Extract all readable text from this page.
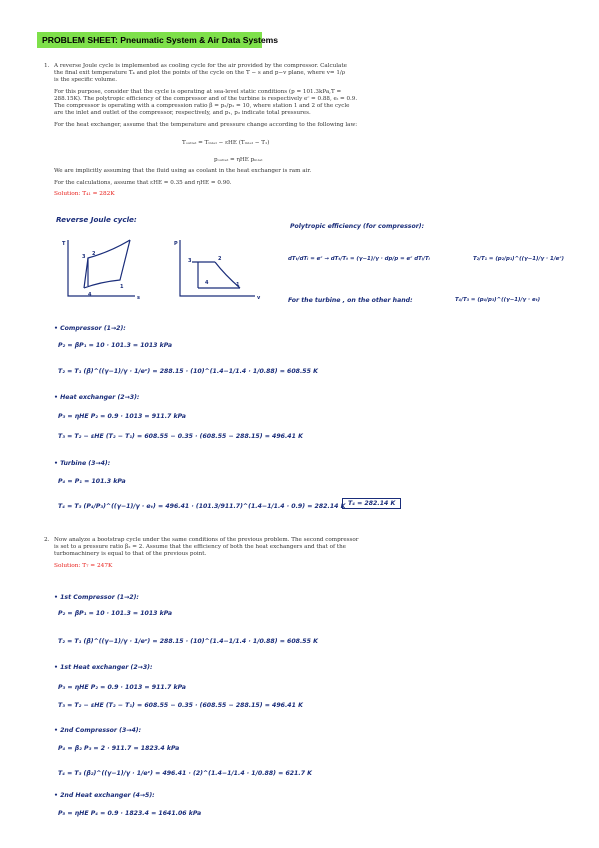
PROBLEM SHEET: Pneumatic System & Air Data Systems
1. A reverse Joule cycle is implemented as cooling cycle for the air provided by the compressor. Calculate
the final exit temperature T₄ and plot the points of the cycle on the T − s and p−v plane, where v= 1/ρ
is the specific volume.
For this purpose, consider that the cycle is operating at sea-level static conditions (p = 101.3kPa,T =
288.15K). The polytropic efficiency of the compressor and of the turbine is respectively eᶜ = 0.88, eₜ = 0.9.
The compressor is operating with a compression ratio β = p₂/p₁ = 10, where station 1 and 2 of the cycle
are the inlet and outlet of the compressor, respectively, and p₁, p₂ indicate total pressures.
For the heat exchanger, assume that the temperature and pressure change according to the following law:
Tₒᵤₜₗₑₜ = Tᵢₙₗₑₜ − εHE (Tᵢₙₗₑₜ − T₁)
pₒᵤₜₗₑₜ = ηHE pᵢₙₗₑₜ
We are implicitly assuming that the fluid using as coolant in the heat exchanger is ram air.
For the calculations, assume that εHE = 0.35 and ηHE = 0.90.
Solution: T₄₁ = 282K
Reverse Joule cycle:
Polytropic efficiency (for compressor):
dTₜ/dTᵢ = eᶜ → dTₜ/Tₜ = (γ−1)/γ · dp/p = eᶜ dTᵢ/Tᵢ	T₂/T₁ = (p₂/p₁)^((γ−1)/γ · 1/eᶜ)
For the turbine , on the other hand:	T₄/T₃ = (p₄/p₃)^((γ−1)/γ · eₜ)
T
s
P
v
2
3
4
1
3	2
1
4
• Compressor (1→2):
P₂ = βP₁ = 10 · 101.3 = 1013 kPa
T₂ = T₁ (β)^((γ−1)/γ · 1/eᶜ) = 288.15 · (10)^(1.4−1/1.4 · 1/0.88) = 608.55 K
• Heat exchanger (2→3):
P₃ = ηHE P₂ = 0.9 · 1013 = 911.7 kPa
T₃ = T₂ − εHE (T₂ − T₁) = 608.55 − 0.35 · (608.55 − 288.15) = 496.41 K
• Turbine (3→4):
P₄ = P₁ = 101.3 kPa
T₄ = T₃ (P₄/P₃)^((γ−1)/γ · eₜ) = 496.41 · (101.3/911.7)^(1.4−1/1.4 · 0.9) = 282.14 K T₄ = 282.14 K
2. Now analyze a bootstrap cycle under the same conditions of the previous problem. The second compressor
is set to a pressure ratio β₂ = 2. Assume that the efficiency of both the heat exchangers and that of the
turbomachinery is equal to that of the previous point.
Solution: T₇ = 247K
• 1st Compressor (1→2):
P₂ = βP₁ = 10 · 101.3 = 1013 kPa
T₂ = T₁ (β)^((γ−1)/γ · 1/eᶜ) = 288.15 · (10)^(1.4−1/1.4 · 1/0.88) = 608.55 K
• 1st Heat exchanger (2→3):
P₃ = ηHE P₂ = 0.9 · 1013 = 911.7 kPa
T₃ = T₂ − εHE (T₂ − T₁) = 608.55 − 0.35 · (608.55 − 288.15) = 496.41 K
• 2nd Compressor (3→4):
P₄ = β₂ P₃ = 2 · 911.7 = 1823.4 kPa
T₄ = T₃ (β₂)^((γ−1)/γ · 1/eᶜ) = 496.41 · (2)^(1.4−1/1.4 · 1/0.88) = 621.7 K
• 2nd Heat exchanger (4→5):
P₅ = ηHE P₄ = 0.9 · 1823.4 = 1641.06 kPa
